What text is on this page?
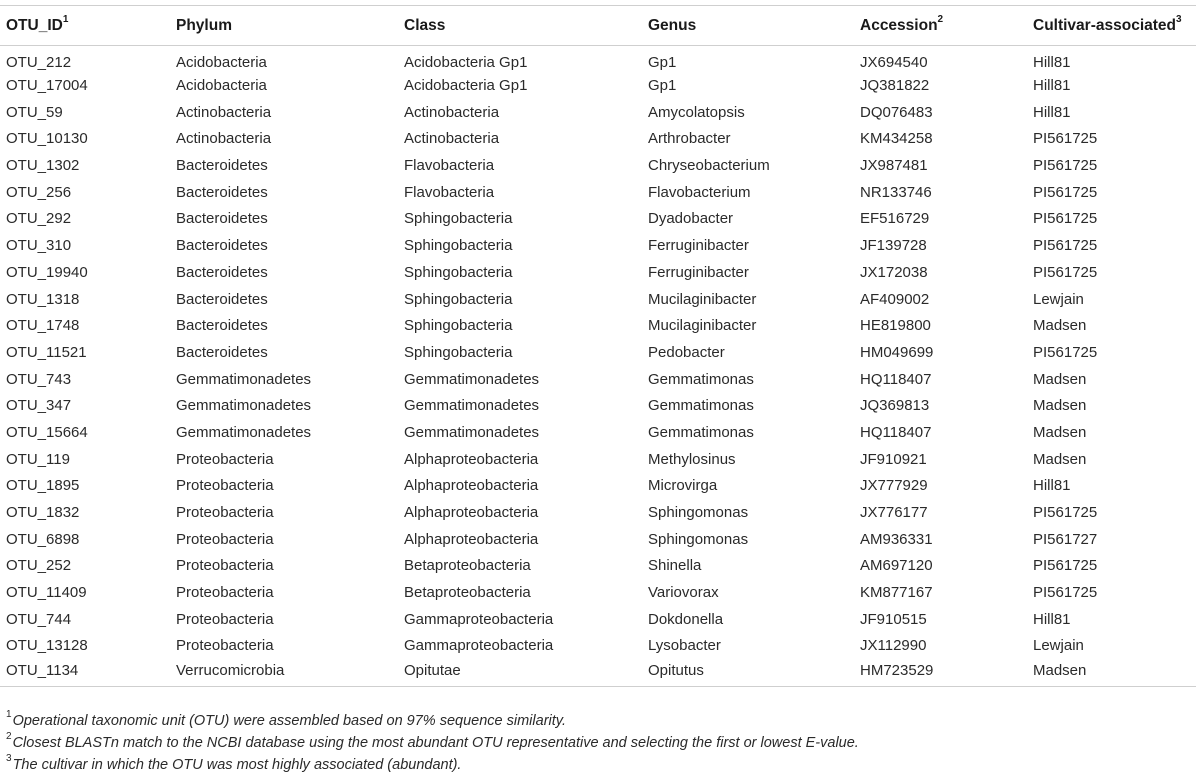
$OTU\_ID^1$	Phylum	Class	Genus	Accession$^2$	Cultivar-associated$^3$
OTU_212	Acidobacteria	Acidobacteria Gp1	Gp1	JX694540	Hill81
OTU_17004	Acidobacteria	Acidobacteria Gp1	Gp1	JQ381822	Hill81
OTU_59	Actinobacteria	Actinobacteria	Amycolatopsis	DQ076483	Hill81
OTU_10130	Actinobacteria	Actinobacteria	Arthrobacter	KM434258	PI561725
OTU_1302	Bacteroidetes	Flavobacteria	Chryseobacterium	JX987481	PI561725
OTU_256	Bacteroidetes	Flavobacteria	Flavobacterium	NR133746	PI561725
OTU_292	Bacteroidetes	Sphingobacteria	Dyadobacter	EF516729	PI561725
OTU_310	Bacteroidetes	Sphingobacteria	Ferruginibacter	JF139728	PI561725
OTU_19940	Bacteroidetes	Sphingobacteria	Ferruginibacter	JX172038	PI561725
OTU_1318	Bacteroidetes	Sphingobacteria	Mucilaginibacter	AF409002	Lewjain
OTU_1748	Bacteroidetes	Sphingobacteria	Mucilaginibacter	HE819800	Madsen
OTU_11521	Bacteroidetes	Sphingobacteria	Pedobacter	HM049699	PI561725
OTU_743	Gemmatimonadetes	Gemmatimonadetes	Gemmatimonas	HQ118407	Madsen
OTU_347	Gemmatimonadetes	Gemmatimonadetes	Gemmatimonas	JQ369813	Madsen
OTU_15664	Gemmatimonadetes	Gemmatimonadetes	Gemmatimonas	HQ118407	Madsen
OTU_119	Proteobacteria	Alphaproteobacteria	Methylosinus	JF910921	Madsen
OTU_1895	Proteobacteria	Alphaproteobacteria	Microvirga	JX777929	Hill81
OTU_1832	Proteobacteria	Alphaproteobacteria	Sphingomonas	JX776177	PI561725
OTU_6898	Proteobacteria	Alphaproteobacteria	Sphingomonas	AM936331	PI561727
OTU_252	Proteobacteria	Betaproteobacteria	Shinella	AM697120	PI561725
OTU_11409	Proteobacteria	Betaproteobacteria	Variovorax	KM877167	PI561725
OTU_744	Proteobacteria	Gammaproteobacteria	Dokdonella	JF910515	Hill81
OTU_13128	Proteobacteria	Gammaproteobacteria	Lysobacter	JX112990	Lewjain
OTU_1134	Verrucomicrobia	Opitutae	Opitutus	HM723529	Madsen
$^1$Operational taxonomic unit (OTU) were assembled based on 97% sequence similarity.
$^2$Closest BLASTn match to the NCBI database using the most abundant OTU representative and selecting the first or lowest E-value.
$^3$The cultivar in which the OTU was most highly associated (abundant).
